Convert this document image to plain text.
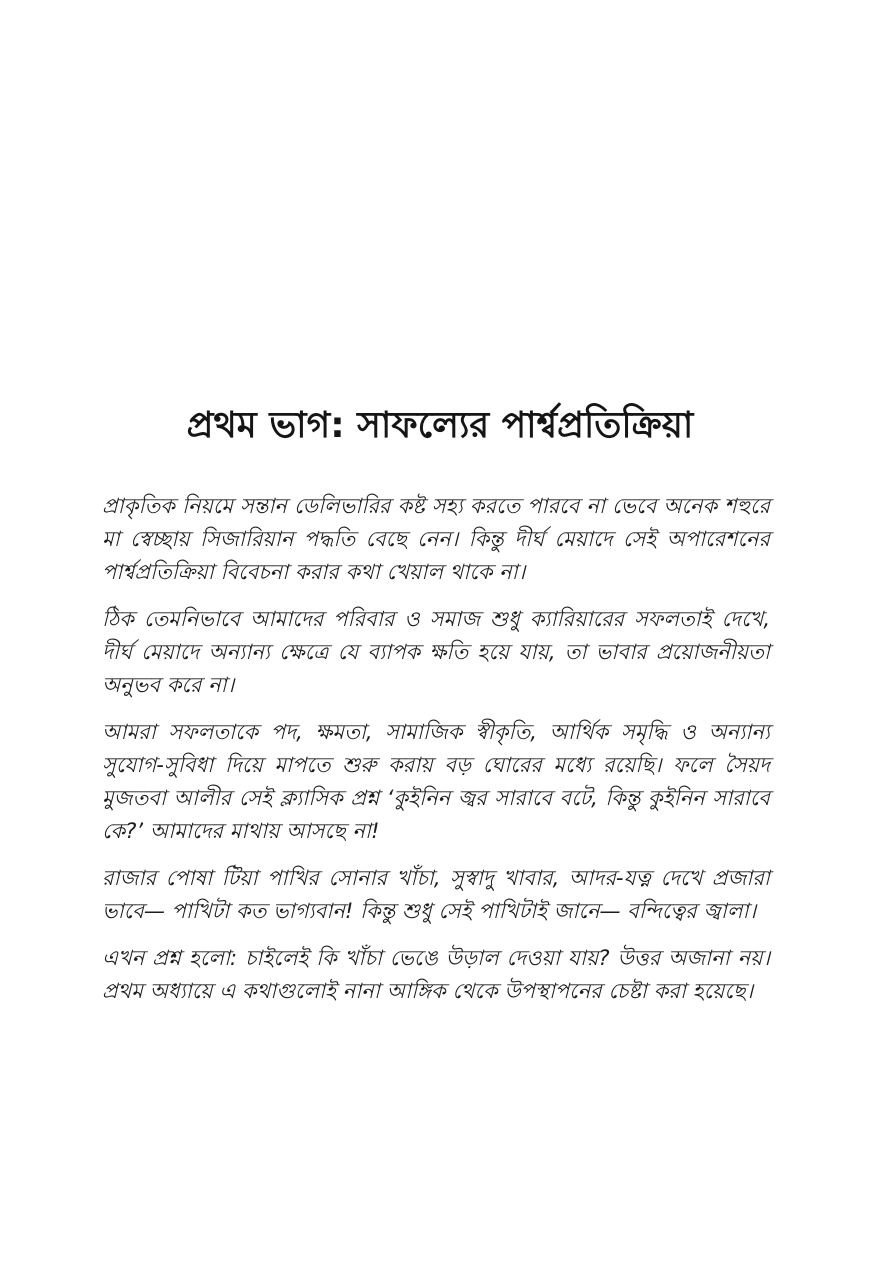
প্রথম ভাগ: সাফল্যের পার্শ্বপ্রতিক্রিয়া

প্রাকৃতিক নিয়মে সন্তান ডেলিভারির কষ্ট সহ্য করতে পারবে না ভেবে অনেক শহুরে মা স্বেচ্ছায় সিজারিয়ান পদ্ধতি বেছে নেন। কিন্তু দীর্ঘ মেয়াদে সেই অপারেশনের পার্শ্বপ্রতিক্রিয়া বিবেচনা করার কথা খেয়াল থাকে না।

ঠিক তেমনিভাবে আমাদের পরিবার ও সমাজ শুধু ক্যারিয়ারের সফলতাই দেখে, দীর্ঘ মেয়াদে অন্যান্য ক্ষেত্রে যে ব্যাপক ক্ষতি হয়ে যায়, তা ভাবার প্রয়োজনীয়তা অনুভব করে না।

আমরা সফলতাকে পদ, ক্ষমতা, সামাজিক স্বীকৃতি, আর্থিক সমৃদ্ধি ও অন্যান্য সুযোগ-সুবিধা দিয়ে মাপতে শুরু করায় বড় ঘোরের মধ্যে রয়েছি। ফলে সৈয়দ মুজতবা আলীর সেই ক্ল্যাসিক প্রশ্ন ‘কুইনিন জ্বর সারাবে বটে, কিন্তু কুইনিন সারাবে কে?’ আমাদের মাথায় আসছে না!

রাজার পোষা টিয়া পাখির সোনার খাঁচা, সুস্বাদু খাবার, আদর-যত্ন দেখে প্রজারা ভাবে— পাখিটা কত ভাগ্যবান! কিন্তু শুধু সেই পাখিটাই জানে— বন্দিত্বের জ্বালা।

এখন প্রশ্ন হলো: চাইলেই কি খাঁচা ভেঙে উড়াল দেওয়া যায়? উত্তর অজানা নয়। প্রথম অধ্যায়ে এ কথাগুলোই নানা আঙ্গিক থেকে উপস্থাপনের চেষ্টা করা হয়েছে।
